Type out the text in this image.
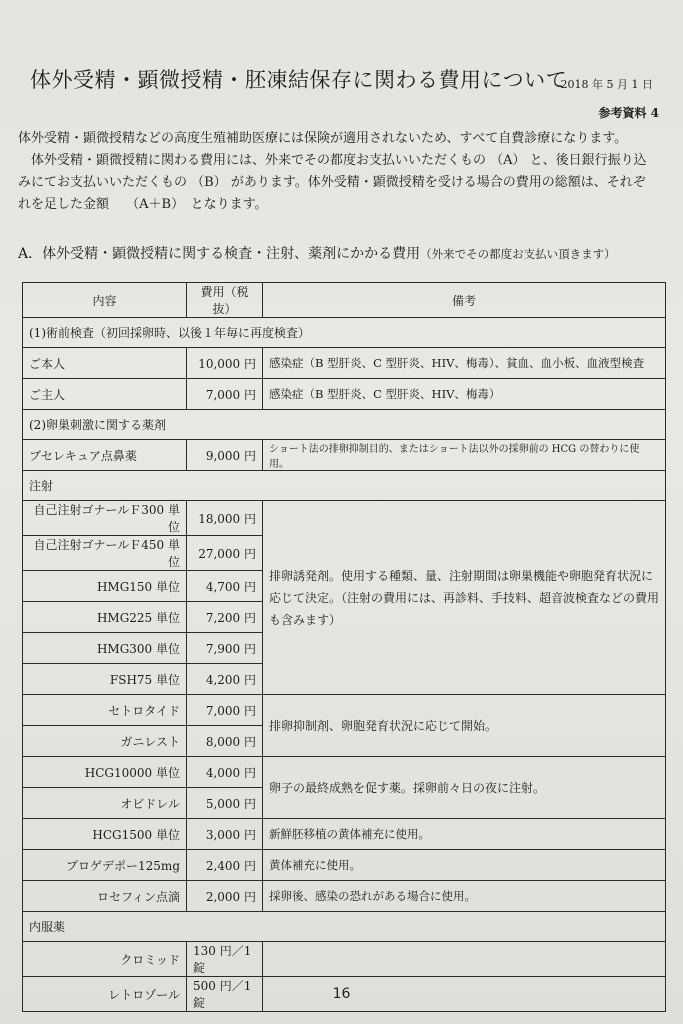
体外受精・顕微授精・胚凍結保存に関わる費用について
2018 年 5 月 1 日
参考資料 4

体外受精・顕微授精などの高度生殖補助医療には保険が適用されないため、すべて自費診療になります。

体外受精・顕微授精に関わる費用には、外来でその都度お支払いいただくもの （A） と、後日銀行振り込

みにてお支払いいただくもの （B） があります。体外受精・顕微授精を受ける場合の費用の総額は、それぞ

れを足した金額　 （A＋B）　となります。

A．体外受精・顕微授精に関する検査・注射、薬剤にかかる費用（外来でその都度お支払い頂きます）
内容	費用（税抜）	備考
(1)術前検査（初回採卵時、以後１年毎に再度検査）		
ご本人	10,000 円	感染症（B 型肝炎、C 型肝炎、HIV、梅毒）、貧血、血小板、血液型検査
ご主人	7,000 円	感染症（B 型肝炎、C 型肝炎、HIV、梅毒）
(2)卵巣刺激に関する薬剤		
ブセレキュア点鼻薬	9,000 円	ショート法の排卵抑制目的、またはショート法以外の採卵前の HCG の替わりに使用。
注射		
自己注射ゴナールＦ300 単位	18,000 円	排卵誘発剤。使用する種類、量、注射期間は卵巣機能や卵胞発育状況に応じて決定。（注射の費用には、再診料、手技料、超音波検査などの費用も含みます）
自己注射ゴナールＦ450 単位	27,000 円	
HMG150 単位	4,700 円	
HMG225 単位	7,200 円	
HMG300 単位	7,900 円	
FSH75 単位	4,200 円	
セトロタイド	7,000 円	排卵抑制剤、卵胞発育状況に応じて開始。
ガニレスト	8,000 円	
HCG10000 単位	4,000 円	卵子の最終成熟を促す薬。採卵前々日の夜に注射。
オビドレル	5,000 円	
HCG1500 単位	3,000 円	新鮮胚移植の黄体補充に使用。
プロゲデポー125mg	2,400 円	黄体補充に使用。
ロセフィン点滴	2,000 円	採卵後、感染の恐れがある場合に使用。
内服薬		
クロミッド	130 円／1 錠	
レトロゾール	500 円／1 錠	
16
